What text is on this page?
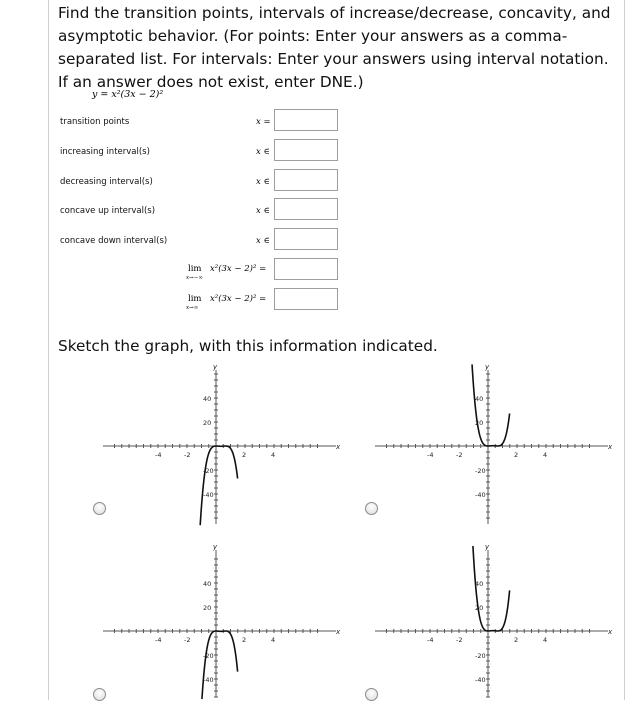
Find the transition points, intervals of increase/decrease, concavity, and asymptotic behavior. (For points: Enter your answers as a comma-separated list. For intervals: Enter your answers using interval notation. If an answer does not exist, enter DNE.)
y = x²(3x − 2)²
transition points	x =
increasing interval(s)	x ∈
decreasing interval(s)	x ∈
concave up interval(s)	x ∈
concave down interval(s)	x ∈
lim
x→−∞
x²(3x − 2)² =
lim
x→∞
x²(3x − 2)² =
Sketch the graph, with this information indicated.
x
y
-4	-2	2	4
40
20
-20
-40
x
y
-4	-2	2	4
40
20
-20
-40
x
y
-4	-2	2	4
40
20
-20
-40
x
y
-4	-2	2	4
40
20
-20
-40
